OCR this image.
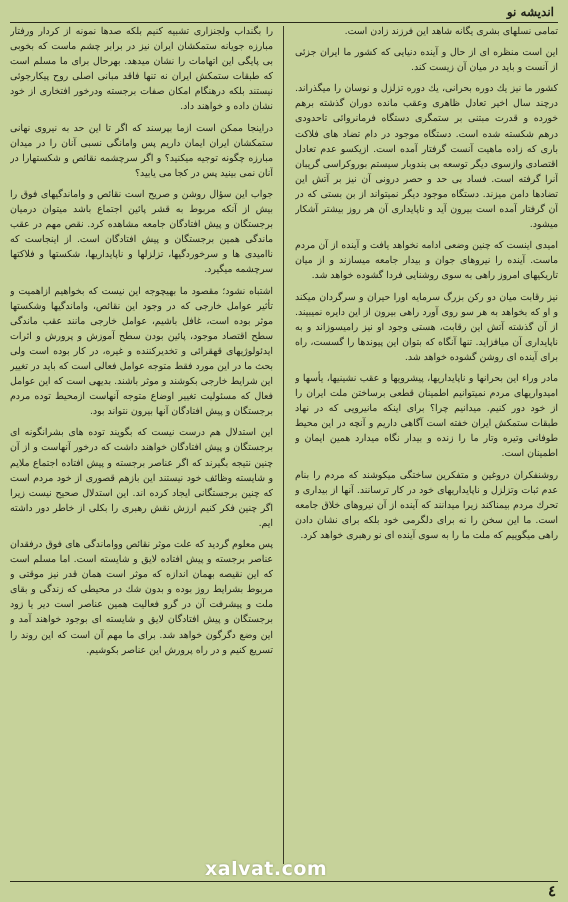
اندیشه نو

تمامی نسلهای بشری یگانه شاهد این فرزند زادن است.

این است منظره ای از حال و آینده دنیایی که کشور ما ایران جزئی از آنست و باید در میان آن زیست کند.

کشور ما نیز یك دوره بحرانی، یك دوره تزلزل و نوسان را میگذراند. درچند سال اخیر تعادل ظاهری وعقب مانده دوران گذشته برهم خورده و قدرت مبتنی بر ستمگری دستگاه فرمانروائی تاحدودی درهم شکسته شده است. دستگاه موجود در دام تضاد های فلاکت باری که زاده ماهیت آنست گرفتار آمده است. ازیکسو عدم تعادل اقتصادی وازسوی دیگر توسعه بی بندوبار سیستم بوروکراسی گریبان آنرا گرفته است. فساد بی حد و حصر درونی آن نیز بر آتش این تضادها دامن میزند. دستگاه موجود دیگر نمیتواند از بن بستی که در آن گرفتار آمده است بیرون آید و ناپایداری آن هر روز بیشتر آشکار میشود.

امیدی اینست که چنین وضعی ادامه نخواهد یافت و آینده از آن مردم ماست. آینده را نیروهای جوان و بیدار جامعه میسازند و از میان تاریکیهای امروز راهی به سوی روشنایی فردا گشوده خواهد شد.

نیز رقابت میان دو رکن بزرگ سرمایه اورا حیران و سرگردان میکند و او که بخواهد به هر سو روی آورد راهی بیرون از این دایره نمیبیند. از آن گذشته آتش این رقابت، هستی وجود او نیز رامیسوزاند و به ناپایداری آن میافزاید. تنها آنگاه که بتوان این پیوندها را گسست، راه برای آینده ای روشن گشوده خواهد شد.

مادر وراء این بحرانها و ناپایداریها، پیشرویها و عقب نشینیها، یأسها و امیدواریهای مردم نمیتوانیم اطمینان قطعی برساختن ملت ایران را از خود دور کنیم. میدانیم چرا؟ برای اینکه مانیرویی که در نهاد طبقات ستمکش ایران خفته است آگاهی داریم و آنچه در این محیط طوفانی وتیره وتار ما را زنده و بیدار نگاه میدارد همین ایمان و اطمینان است.

روشنفکران دروغین و متفکرین ساختگی میکوشند که مردم را بنام عدم ثبات وتزلزل و ناپایداریهای خود در کار ترسانند. آنها از بیداری و تحرك مردم بیمناکند زیرا میدانند که آینده از آن نیروهای خلاق جامعه است. ما این سخن را نه برای دلگرمی خود بلکه برای نشان دادن راهی میگوییم که ملت ما را به سوی آینده ای نو رهبری خواهد کرد.

را بگنداب ولجنزاری تشبیه کنیم بلکه صدها نمونه از کردار ورفتار مبارزه جویانه ستمکشان ایران نیز در برابر چشم ماست که بخوبی بی پایگی این اتهامات را نشان میدهد. بهرحال برای ما مسلم است که طبقات ستمکش ایران نه تنها فاقد مبانی اصلی روح پیکارجوئی نیستند بلکه درهنگام امکان صفات برجسته ودرخور افتخاری از خود نشان داده و خواهند داد.

دراینجا ممکن است ازما بپرسند که اگر تا این حد به نیروی نهانی ستمکشان ایران ایمان داریم پس وامانگی نسبی آنان را در میدان مبارزه چگونه توجیه میکنید؟ و اگر سرچشمه نقائص و شکستهارا در آنان نمی بینید پس در کجا می یابید؟

جواب این سؤال روشن و صریح است نقائص و واماندگیهای فوق را بیش از آنکه مربوط به قشر پائین اجتماع باشد میتوان درمیان برجستگان و پیش افتادگان جامعه مشاهده کرد. نقص مهم در عقب ماندگی همین برجستگان و پیش افتادگان است. از اینجاست که ناامیدی ها و سرخوردگیها، تزلزلها و ناپایداریها، شکستها و فلاکتها سرچشمه میگیرد.

اشتباه نشود؛ مقصود ما بهیچوجه این نیست که بخواهیم ازاهمیت و تأثیر عوامل خارجی که در وجود این نقائص، واماندگیها وشکستها موثر بوده است، غافل باشیم، عوامل خارجی مانند عقب ماندگی سطح اقتصاد موجود، پائین بودن سطح آموزش و پرورش و اثرات ایدئولوژیهای قهقرائی و تخدیرکننده و غیره، در کار بوده است ولی بحث ما در این مورد فقط متوجه عوامل فعالی است که باید در تغییر این شرایط خارجی بکوشند و موثر باشند. بدیهی است که این عوامل فعال که مسئولیت تغییر اوضاع متوجه آنهاست ازمحیط توده مردم برجستگان و پیش افتادگان آنها بیرون نتواند بود.

این استدلال هم درست نیست که بگویند توده های بشرانگونه ای برجستگان و پیش افتادگان خواهند داشت که درخور آنهاست و از آن چنین نتیجه بگیرند که اگر عناصر برجسته و پیش افتاده اجتماع ملایم و شایسته وظائف خود نیستند این بازهم قصوری از خود مردم است که چنین برجستگانی ایجاد کرده اند. این استدلال صحیح نیست زیرا اگر چنین فکر کنیم ارزش نقش رهبری را بکلی از خاطر دور داشته ایم.

پس معلوم گردید که علت موثر نقائص وواماندگی های فوق درفقدان عناصر برجسته و پیش افتاده لایق و شایسته است. اما مسلم است که این نقیصه بهمان اندازه که موثر است همان قدر نیز موقتی و مربوط بشرایط روز بوده و بدون شك در محیطی که زندگی و بقای ملت و پیشرفت آن در گرو فعالیت همین عناصر است دیر یا زود برجستگان و پیش افتادگان لایق و شایسته ای بوجود خواهند آمد و این وضع دگرگون خواهد شد. برای ما مهم آن است که این روند را تسریع کنیم و در راه پرورش این عناصر بکوشیم.

xalvat.com
٤
